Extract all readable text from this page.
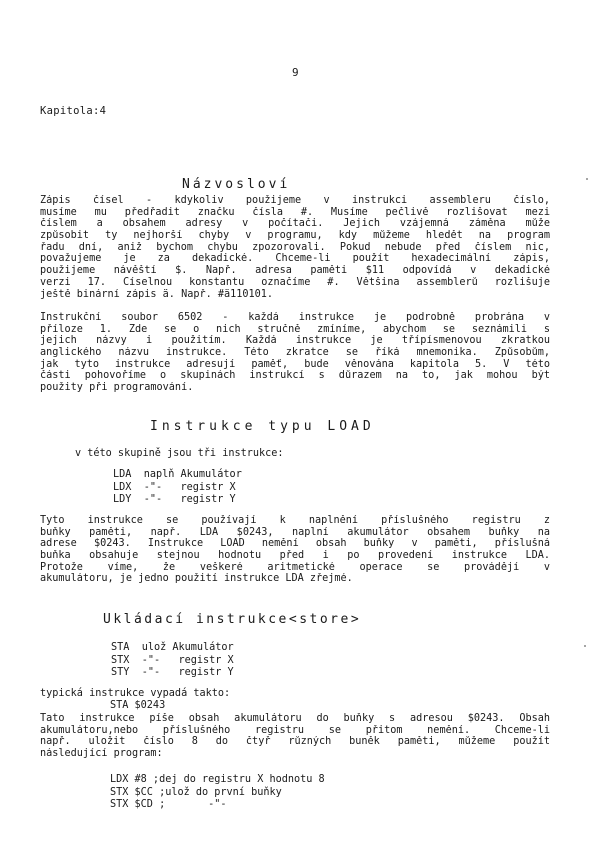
9
Kapitola:4
Názvosloví
Zápis čísel - kdykoliv použijeme v instrukci assembleru číslo,
musíme mu předřadit značku čísla #. Musíme pečlivě rozlišovat mezi
číslem a obsahem adresy v počítači. Jejich vzájemná záměna může
způsobit ty nejhorší chyby v programu, kdy můžeme hledět na program
řadu dní, aniž bychom chybu zpozorovali. Pokud nebude před číslem nic,
považujeme je za dekadické. Chceme-li použít hexadecimální zápis,
použijeme návěští $. Např. adresa paměti $11 odpovídá v dekadické
verzi 17. Číselnou konstantu označíme #. Většina assemblerů rozlišuje
ještě binární zápis ä. Např. #ä110101.
Instrukční soubor 6502 - každá instrukce je podrobně probrána v
příloze 1. Zde se o nich stručně zmíníme, abychom se seznámili s
jejich názvy i použitím. Každá instrukce je třípísmenovou zkratkou
anglického názvu instrukce. Této zkratce se říká mnemonika. Způsobům,
jak tyto instrukce adresují paměť, bude věnována kapitola 5. V této
části pohovoříme o skupinách instrukcí s důrazem na to, jak mohou být
použity při programování.
Instrukce typu LOAD
v této skupině jsou tři instrukce:
LDA naplň Akumulátor
LDX -"-   registr X
LDY -"-   registr Y
Tyto instrukce se používají k naplnění příslušného registru z
buňky paměti, např. LDA $0243, naplní akumulátor obsahem buňky na
adrese $0243. Instrukce LOAD nemění obsah buňky v paměti, příslušná
buňka obsahuje stejnou hodnotu před i po provedení instrukce LDA.
Protože víme, že veškeré aritmetické operace se provádějí v
akumulátoru, je jedno použití instrukce LDA zřejmé.
Ukládací instrukce<store>
STA ulož Akumulátor
STX -"-   registr X
STY -"-   registr Y
typická instrukce vypadá takto:
STA $0243
Tato instrukce píše obsah akumulátoru do buňky s adresou $0243. Obsah
akumulátoru,nebo příslušného registru se přitom nemění. Chceme-li
např. uložit číslo 8 do čtyř různých buněk paměti, můžeme použít
následující program:
LDX #8 ;dej do registru X hodnotu 8
STX $CC ;ulož do první buňky
STX $CD ;       -"-
